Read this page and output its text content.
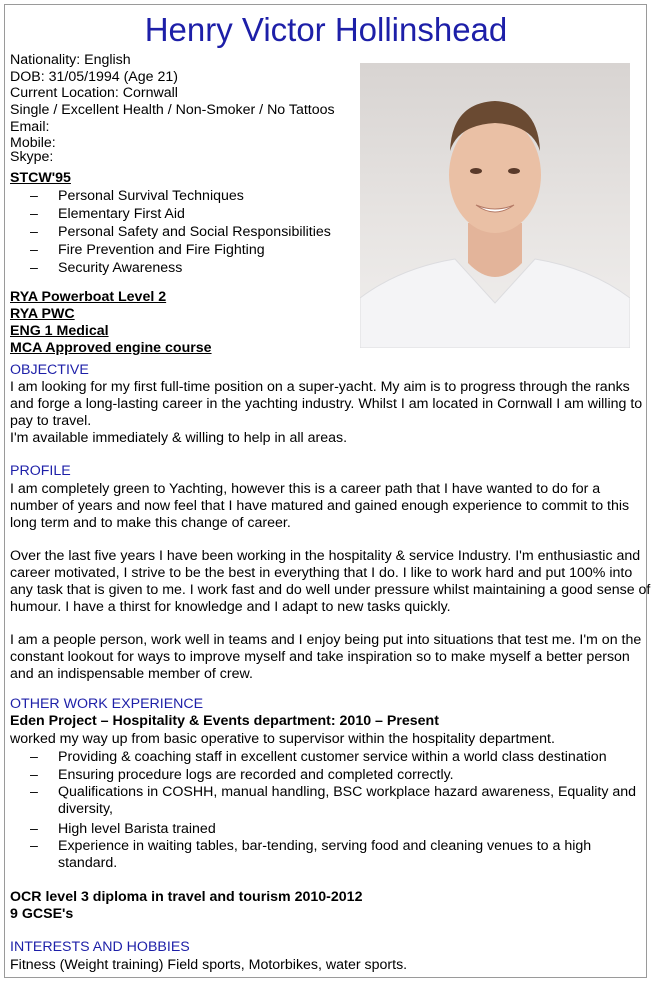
Henry Victor Hollinshead
Nationality: English
DOB: 31/05/1994 (Age 21)
Current Location: Cornwall
Single / Excellent Health / Non-Smoker / No Tattoos
Email:
Mobile:
Skype:
STCW'95
–	Personal Survival Techniques
–	Elementary First Aid
–	Personal Safety and Social Responsibilities
–	Fire Prevention and Fire Fighting
–	Security Awareness
RYA Powerboat Level 2
RYA PWC
ENG 1 Medical
MCA Approved engine course
OBJECTIVE
I am looking for my first full-time position on a super-yacht. My aim is to progress through the ranks and forge a long-lasting career in the yachting industry. Whilst I am located in Cornwall I am willing to pay to travel.
I'm available immediately & willing to help in all areas.
PROFILE
I am completely green to Yachting, however this is a career path that I have wanted to do for a number of years and now feel that I have matured and gained enough experience to commit to this long term and to make this change of career.
Over the last five years I have been working in the hospitality & service Industry. I'm enthusiastic and career motivated, I strive to be the best in everything that I do. I like to work hard and put 100% into any task that is given to me. I work fast and do well under pressure whilst maintaining a good sense of humour. I have a thirst for knowledge and I adapt to new tasks quickly.
I am a people person, work well in teams and I enjoy being put into situations that test me. I'm on the constant lookout for ways to improve myself and take inspiration so to make myself a better person and an indispensable member of crew.
OTHER WORK EXPERIENCE
Eden Project – Hospitality & Events department: 2010 – Present
worked my way up from basic operative to supervisor within the hospitality department.
–	Providing & coaching staff in excellent customer service within a world class destination
–	Ensuring procedure logs are recorded and completed correctly.
–	Qualifications in COSHH, manual handling, BSC workplace hazard awareness, Equality and diversity,
–	High level Barista trained
–	Experience in waiting tables, bar-tending, serving food and cleaning venues to a high standard.
OCR level 3 diploma in travel and tourism 2010-2012
9 GCSE's
INTERESTS AND HOBBIES
Fitness (Weight training) Field sports, Motorbikes, water sports.
